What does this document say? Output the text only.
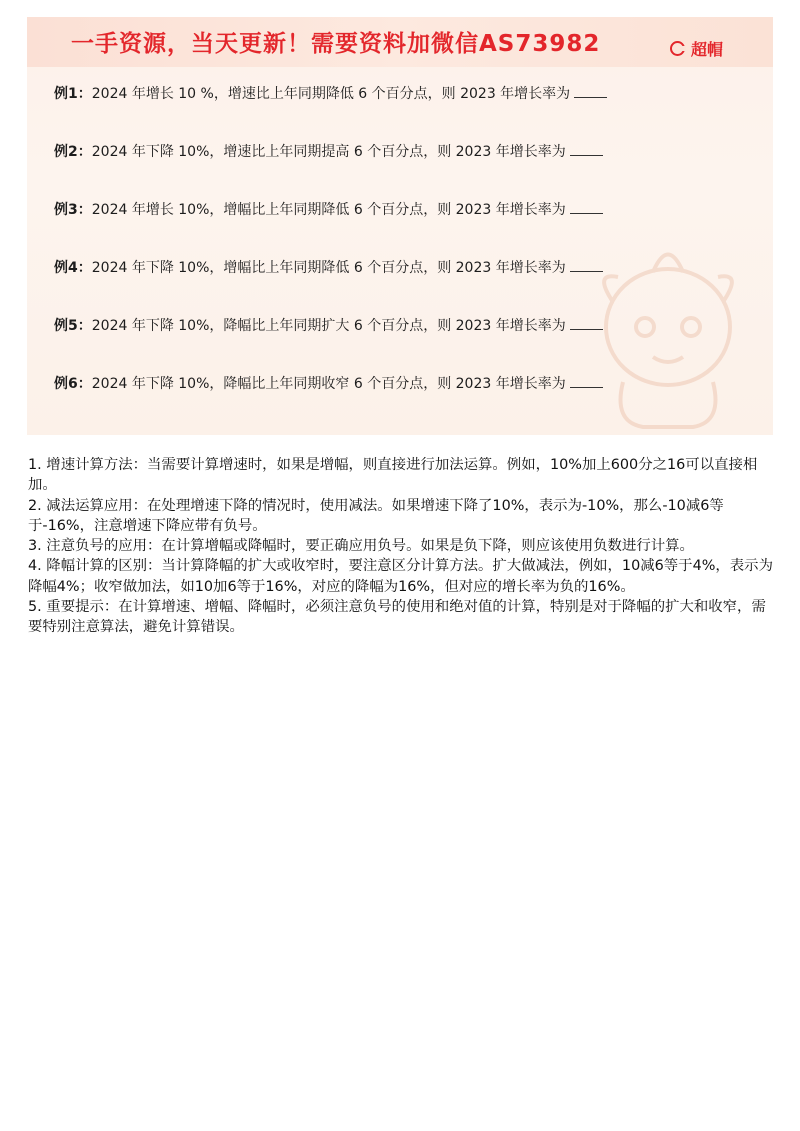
一手资源，当天更新！需要资料加微信AS73982	超帽
例1：2024 年增长 10 %，增速比上年同期降低 6 个百分点，则 2023 年增长率为
例2：2024 年下降 10%，增速比上年同期提高 6 个百分点，则 2023 年增长率为
例3：2024 年增长 10%，增幅比上年同期降低 6 个百分点，则 2023 年增长率为
例4：2024 年下降 10%，增幅比上年同期降低 6 个百分点，则 2023 年增长率为
例5：2024 年下降 10%，降幅比上年同期扩大 6 个百分点，则 2023 年增长率为
例6：2024 年下降 10%，降幅比上年同期收窄 6 个百分点，则 2023 年增长率为

1. 增速计算方法：当需要计算增速时，如果是增幅，则直接进行加法运算。例如，10%加上600分之16可以直接相加。

2. 减法运算应用：在处理增速下降的情况时，使用减法。如果增速下降了10%，表示为-10%，那么-10减6等于-16%，注意增速下降应带有负号。

3. 注意负号的应用：在计算增幅或降幅时，要正确应用负号。如果是负下降，则应该使用负数进行计算。

4. 降幅计算的区别：当计算降幅的扩大或收窄时，要注意区分计算方法。扩大做减法，例如，10减6等于4%，表示为降幅4%；收窄做加法，如10加6等于16%，对应的降幅为16%，但对应的增长率为负的16%。

5. 重要提示：在计算增速、增幅、降幅时，必须注意负号的使用和绝对值的计算，特别是对于降幅的扩大和收窄，需要特别注意算法，避免计算错误。
